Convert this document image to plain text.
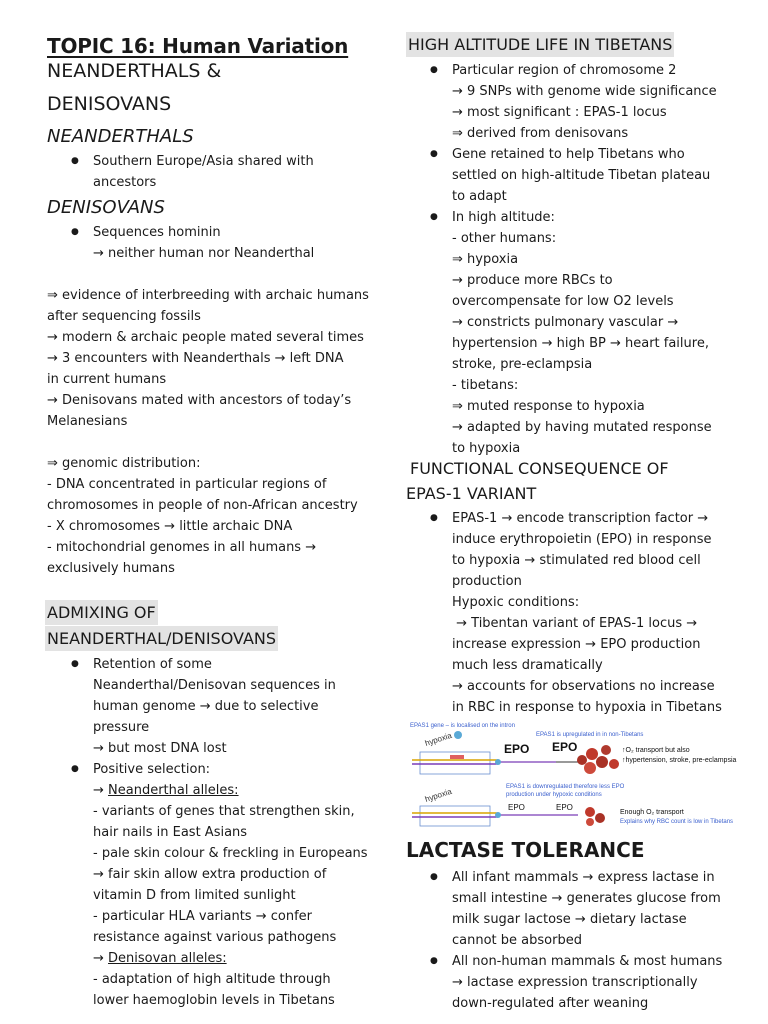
TOPIC 16: Human Variation
NEANDERTHALS &
DENISOVANS
NEANDERTHALS
● Southern Europe/Asia shared with
ancestors
DENISOVANS
● Sequences hominin
→ neither human nor Neanderthal
⇒ evidence of interbreeding with archaic humans
after sequencing fossils
→ modern & archaic people mated several times
→ 3 encounters with Neanderthals → left DNA
in current humans
→ Denisovans mated with ancestors of today’s
Melanesians
⇒ genomic distribution:
- DNA concentrated in particular regions of
chromosomes in people of non-African ancestry
- X chromosomes → little archaic DNA
- mitochondrial genomes in all humans →
exclusively humans
ADMIXING OF
NEANDERTHAL/DENISOVANS
● Retention of some
Neanderthal/Denisovan sequences in
human genome → due to selective
pressure
→ but most DNA lost
● Positive selection:
→ Neanderthal alleles:
- variants of genes that strengthen skin,
hair nails in East Asians
- pale skin colour & freckling in Europeans
→ fair skin allow extra production of
vitamin D from limited sunlight
- particular HLA variants → confer
resistance against various pathogens
→ Denisovan alleles:
- adaptation of high altitude through
lower haemoglobin levels in Tibetans
HIGH ALTITUDE LIFE IN TIBETANS
● Particular region of chromosome 2
→ 9 SNPs with genome wide significance
→ most significant : EPAS-1 locus
⇒ derived from denisovans
● Gene retained to help Tibetans who
settled on high-altitude Tibetan plateau
to adapt
● In high altitude:
- other humans:
⇒ hypoxia
→ produce more RBCs to
overcompensate for low O2 levels
→ constricts pulmonary vascular →
hypertension → high BP → heart failure,
stroke, pre-eclampsia
- tibetans:
⇒ muted response to hypoxia
→ adapted by having mutated response
to hypoxia
FUNCTIONAL CONSEQUENCE OF
EPAS-1 VARIANT
● EPAS-1 → encode transcription factor →
induce erythropoietin (EPO) in response
to hypoxia → stimulated red blood cell
production
- Hypoxic conditions:
→ Tibentan variant of EPAS-1 locus →
increase expression → EPO production
much less dramatically
→ accounts for observations no increase
in RBC in response to hypoxia in Tibetans
EPAS1 gene – is localised on the intron
EPAS1 is upregulated in in non-Tibetans
hypoxia
EPO EPO	↑O₂ transport but also
↑hypertension, stroke, pre-eclampsia
hypoxia	EPAS1 is downregulated therefore less EPO
production under hypoxic conditions
EPO	EPO
Enough O₂ transport
Explains why RBC count is low in Tibetans
LACTASE TOLERANCE
● All infant mammals → express lactase in
small intestine → generates glucose from
milk sugar lactose → dietary lactase
cannot be absorbed
● All non-human mammals & most humans
→ lactase expression transcriptionally
down-regulated after weaning
